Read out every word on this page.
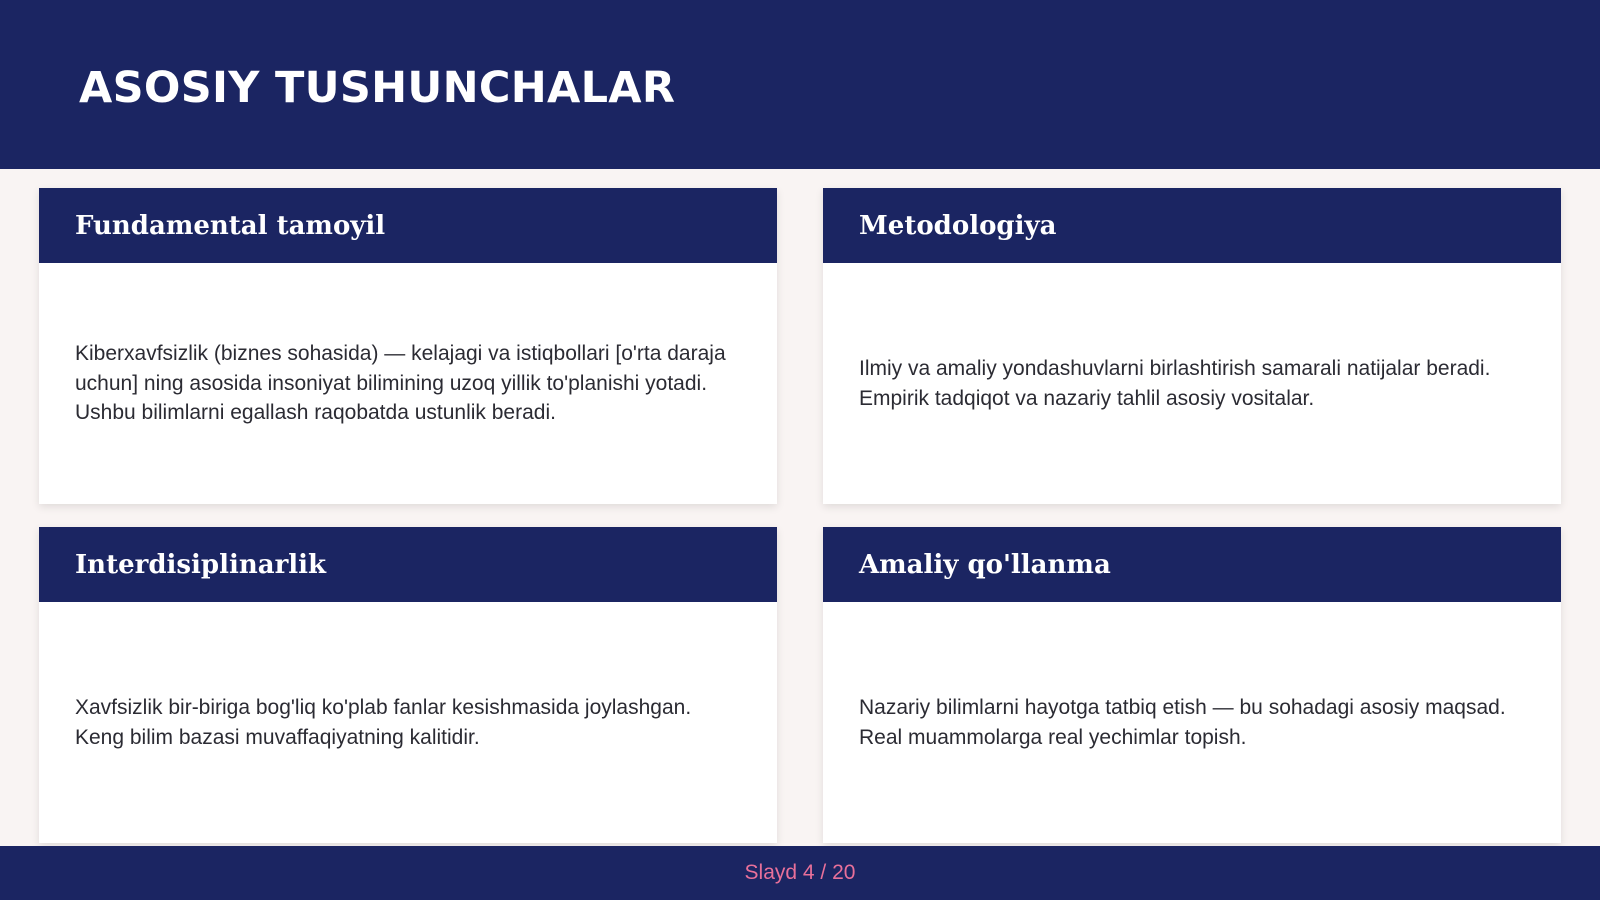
ASOSIY TUSHUNCHALAR
Fundamental tamoyil

Kiberxavfsizlik (biznes sohasida) — kelajagi va istiqbollari [o'rta daraja uchun] ning asosida insoniyat bilimining uzoq yillik to'planishi yotadi. Ushbu bilimlarni egallash raqobatda ustunlik beradi.

Metodologiya

Ilmiy va amaliy yondashuvlarni birlashtirish samarali natijalar beradi. Empirik tadqiqot va nazariy tahlil asosiy vositalar.

Interdisiplinarlik

Xavfsizlik bir-biriga bog'liq ko'plab fanlar kesishmasida joylashgan. Keng bilim bazasi muvaffaqiyatning kalitidir.

Amaliy qo'llanma

Nazariy bilimlarni hayotga tatbiq etish — bu sohadagi asosiy maqsad. Real muammolarga real yechimlar topish.

Slayd 4 / 20
